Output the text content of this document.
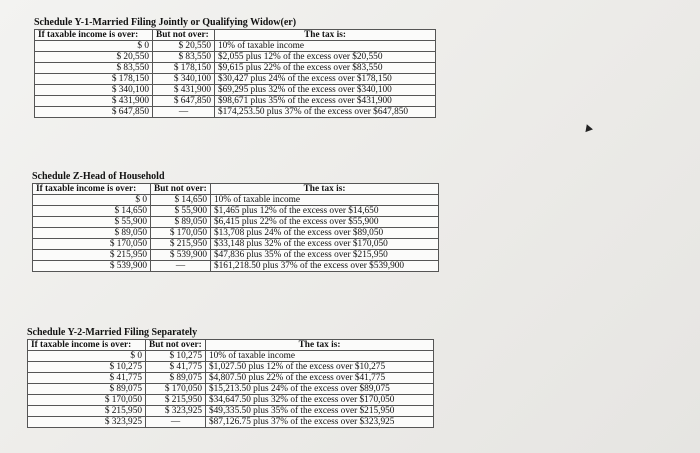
Schedule Y-1-Married Filing Jointly or Qualifying Widow(er)
If taxable income is over:	But not over:	The tax is:
$ 0	$ 20,550	10% of taxable income
$ 20,550	$ 83,550	$2,055 plus 12% of the excess over $20,550
$ 83,550	$ 178,150	$9,615 plus 22% of the excess over $83,550
$ 178,150	$ 340,100	$30,427 plus 24% of the excess over $178,150
$ 340,100	$ 431,900	$69,295 plus 32% of the excess over $340,100
$ 431,900	$ 647,850	$98,671 plus 35% of the excess over $431,900
$ 647,850	—	$174,253.50 plus 37% of the excess over $647,850
Schedule Z-Head of Household
If taxable income is over:	But not over:	The tax is:
$ 0	$ 14,650	10% of taxable income
$ 14,650	$ 55,900	$1,465 plus 12% of the excess over $14,650
$ 55,900	$ 89,050	$6,415 plus 22% of the excess over $55,900
$ 89,050	$ 170,050	$13,708 plus 24% of the excess over $89,050
$ 170,050	$ 215,950	$33,148 plus 32% of the excess over $170,050
$ 215,950	$ 539,900	$47,836 plus 35% of the excess over $215,950
$ 539,900	—	$161,218.50 plus 37% of the excess over $539,900
Schedule Y-2-Married Filing Separately
If taxable income is over:	But not over:	The tax is:
$ 0	$ 10,275	10% of taxable income
$ 10,275	$ 41,775	$1,027.50 plus 12% of the excess over $10,275
$ 41,775	$ 89,075	$4,807.50 plus 22% of the excess over $41,775
$ 89,075	$ 170,050	$15,213.50 plus 24% of the excess over $89,075
$ 170,050	$ 215,950	$34,647.50 plus 32% of the excess over $170,050
$ 215,950	$ 323,925	$49,335.50 plus 35% of the excess over $215,950
$ 323,925	—	$87,126.75 plus 37% of the excess over $323,925
